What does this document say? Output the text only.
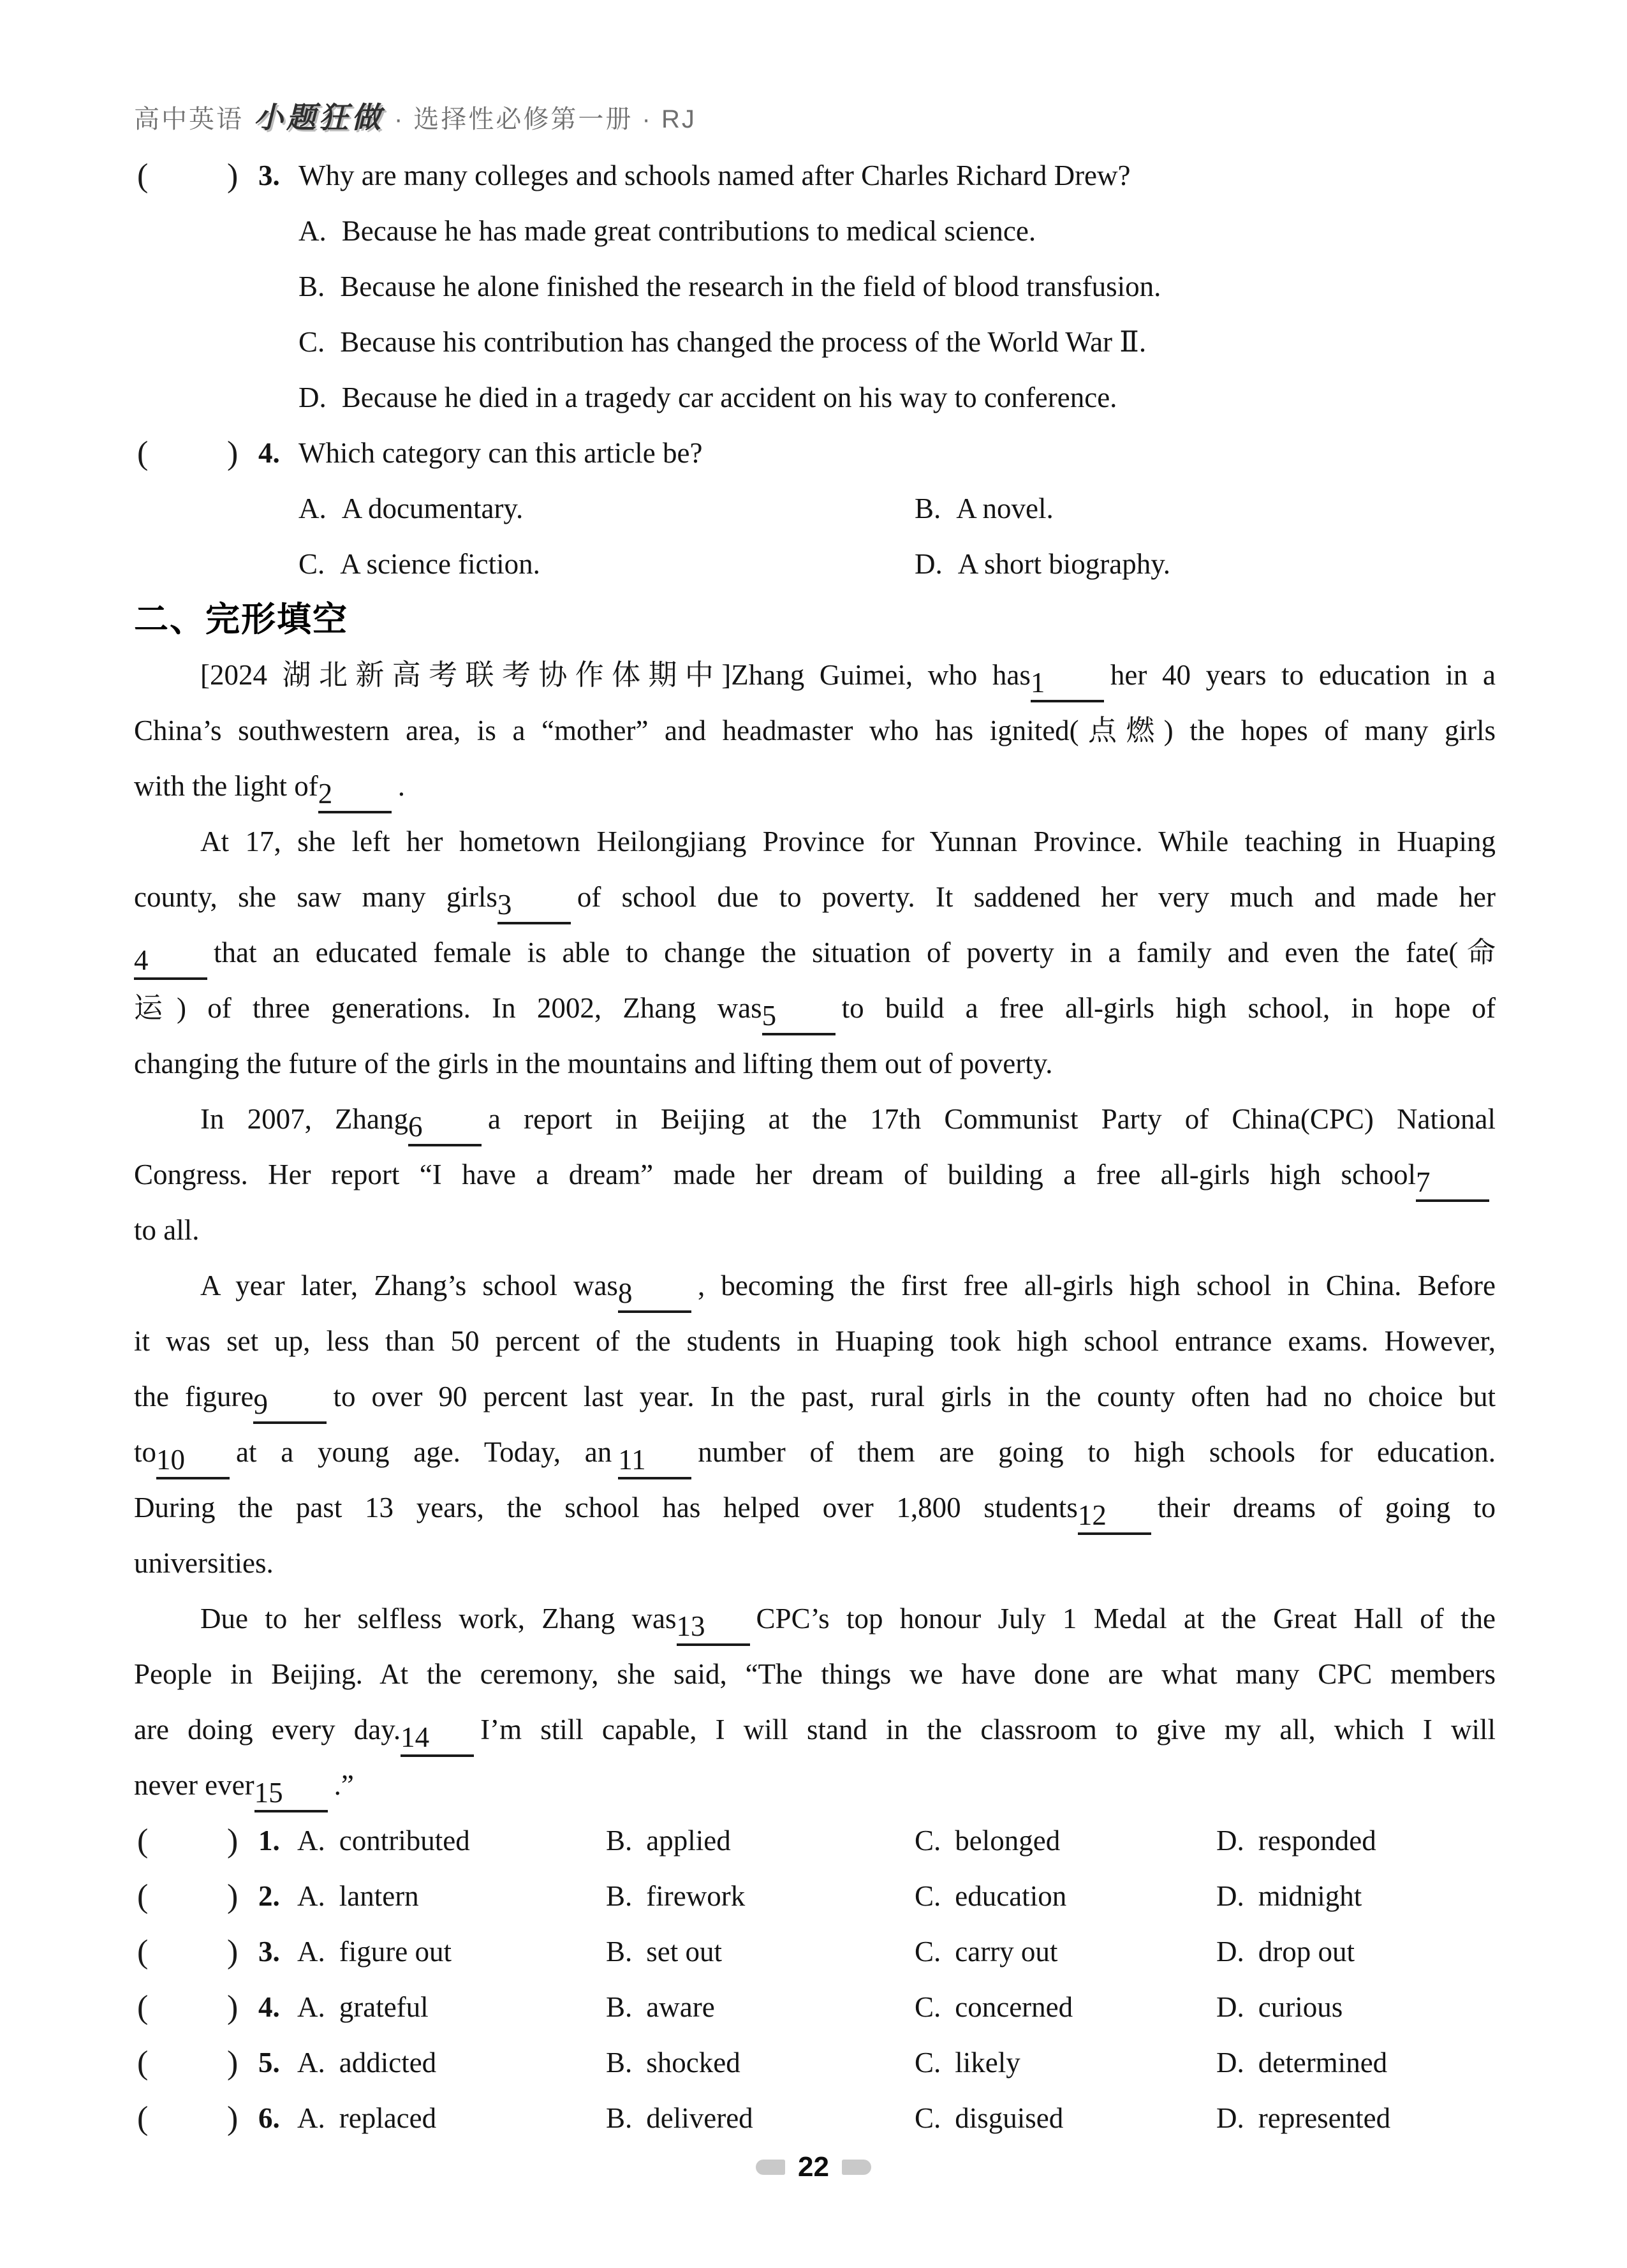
高中英语 小题狂做 · 选择性必修第一册 · RJ
( ) 3. Why are many colleges and schools named after Charles Richard Drew?
A. Because he has made great contributions to medical science.
B. Because he alone finished the research in the field of blood transfusion.
C. Because his contribution has changed the process of the World War Ⅱ.
D. Because he died in a tragedy car accident on his way to conference.
( ) 4. Which category can this article be?
A. A documentary.	B. A novel.
C. A science fiction.	D. A short biography.
二、完形填空
[2024 湖北新高考联考协作体期中]Zhang Guimei, who has1 her 40 years to education in a
China’s southwestern area, is a “mother” and headmaster who has ignited(点燃) the hopes of many girls
with the light of2 .
At 17, she left her hometown Heilongjiang Province for Yunnan Province. While teaching in Huaping
county, she saw many girls3 of school due to poverty. It saddened her very much and made her
4 that an educated female is able to change the situation of poverty in a family and even the fate(命
运) of three generations. In 2002, Zhang was5 to build a free all-girls high school, in hope of
changing the future of the girls in the mountains and lifting them out of poverty.
In 2007, Zhang6 a report in Beijing at the 17th Communist Party of China(CPC) National
Congress. Her report “I have a dream” made her dream of building a free all-girls high school7
to all.
A year later, Zhang’s school was8 , becoming the first free all-girls high school in China. Before
it was set up, less than 50 percent of the students in Huaping took high school entrance exams. However,
the figure9 to over 90 percent last year. In the past, rural girls in the county often had no choice but
to10 at a young age. Today, an 11 number of them are going to high schools for education.
During the past 13 years, the school has helped over 1,800 students12 their dreams of going to
universities.
Due to her selfless work, Zhang was13 CPC’s top honour July 1 Medal at the Great Hall of the
People in Beijing. At the ceremony, she said, “The things we have done are what many CPC members
are doing every day.14 I’m still capable, I will stand in the classroom to give my all, which I will
never ever15 .”
( ) 1. A. contributed	B. applied	C. belonged	D. responded
( ) 2. A. lantern	B. firework	C. education	D. midnight
( ) 3. A. figure out	B. set out	C. carry out	D. drop out
( ) 4. A. grateful	B. aware	C. concerned	D. curious
( ) 5. A. addicted	B. shocked	C. likely	D. determined
( ) 6. A. replaced	B. delivered	C. disguised	D. represented
22
